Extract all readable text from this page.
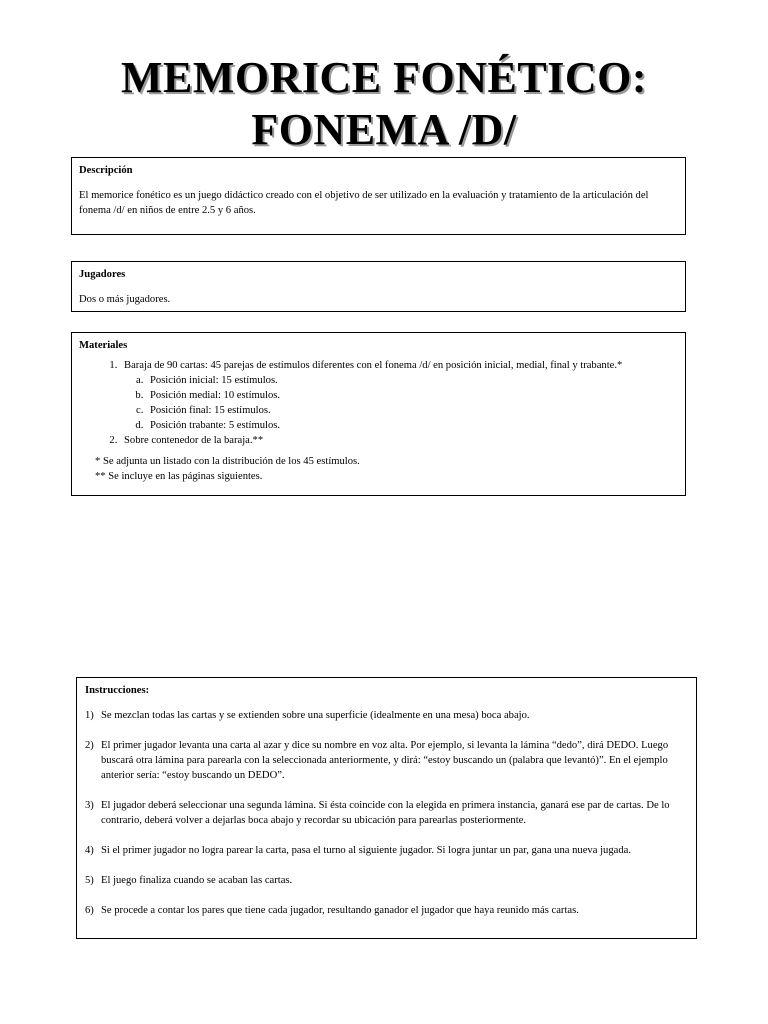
MEMORICE FONÉTICO:
FONEMA /D/
Descripción

El memorice fonético es un juego didáctico creado con el objetivo de ser utilizado en la evaluación y tratamiento de la articulación del fonema /d/ en niños de entre 2.5 y 6 años.

Jugadores

Dos o más jugadores.

Materiales
1. Baraja de 90 cartas: 45 parejas de estímulos diferentes con el fonema /d/ en posición inicial, medial, final y trabante.*
a. Posición inicial: 15 estímulos.
b. Posición medial: 10 estímulos.
c. Posición final: 15 estímulos.
d. Posición trabante: 5 estímulos.
2. Sobre contenedor de la baraja.**
* Se adjunta un listado con la distribución de los 45 estímulos.
** Se incluye en las páginas siguientes.
Instrucciones:
1) Se mezclan todas las cartas y se extienden sobre una superficie (idealmente en una mesa) boca abajo.
2) El primer jugador levanta una carta al azar y dice su nombre en voz alta. Por ejemplo, si levanta la lámina “dedo”, dirá DEDO. Luego buscará otra lámina para parearla con la seleccionada anteriormente, y dirá: “estoy buscando un (palabra que levantó)”. En el ejemplo anterior sería: “estoy buscando un DEDO”.
3) El jugador deberá seleccionar una segunda lámina. Si ésta coincide con la elegida en primera instancia, ganará ese par de cartas. De lo contrario, deberá volver a dejarlas boca abajo y recordar su ubicación para parearlas posteriormente.
4) Si el primer jugador no logra parear la carta, pasa el turno al siguiente jugador. Si logra juntar un par, gana una nueva jugada.
5) El juego finaliza cuando se acaban las cartas.
6) Se procede a contar los pares que tiene cada jugador, resultando ganador el jugador que haya reunido más cartas.
